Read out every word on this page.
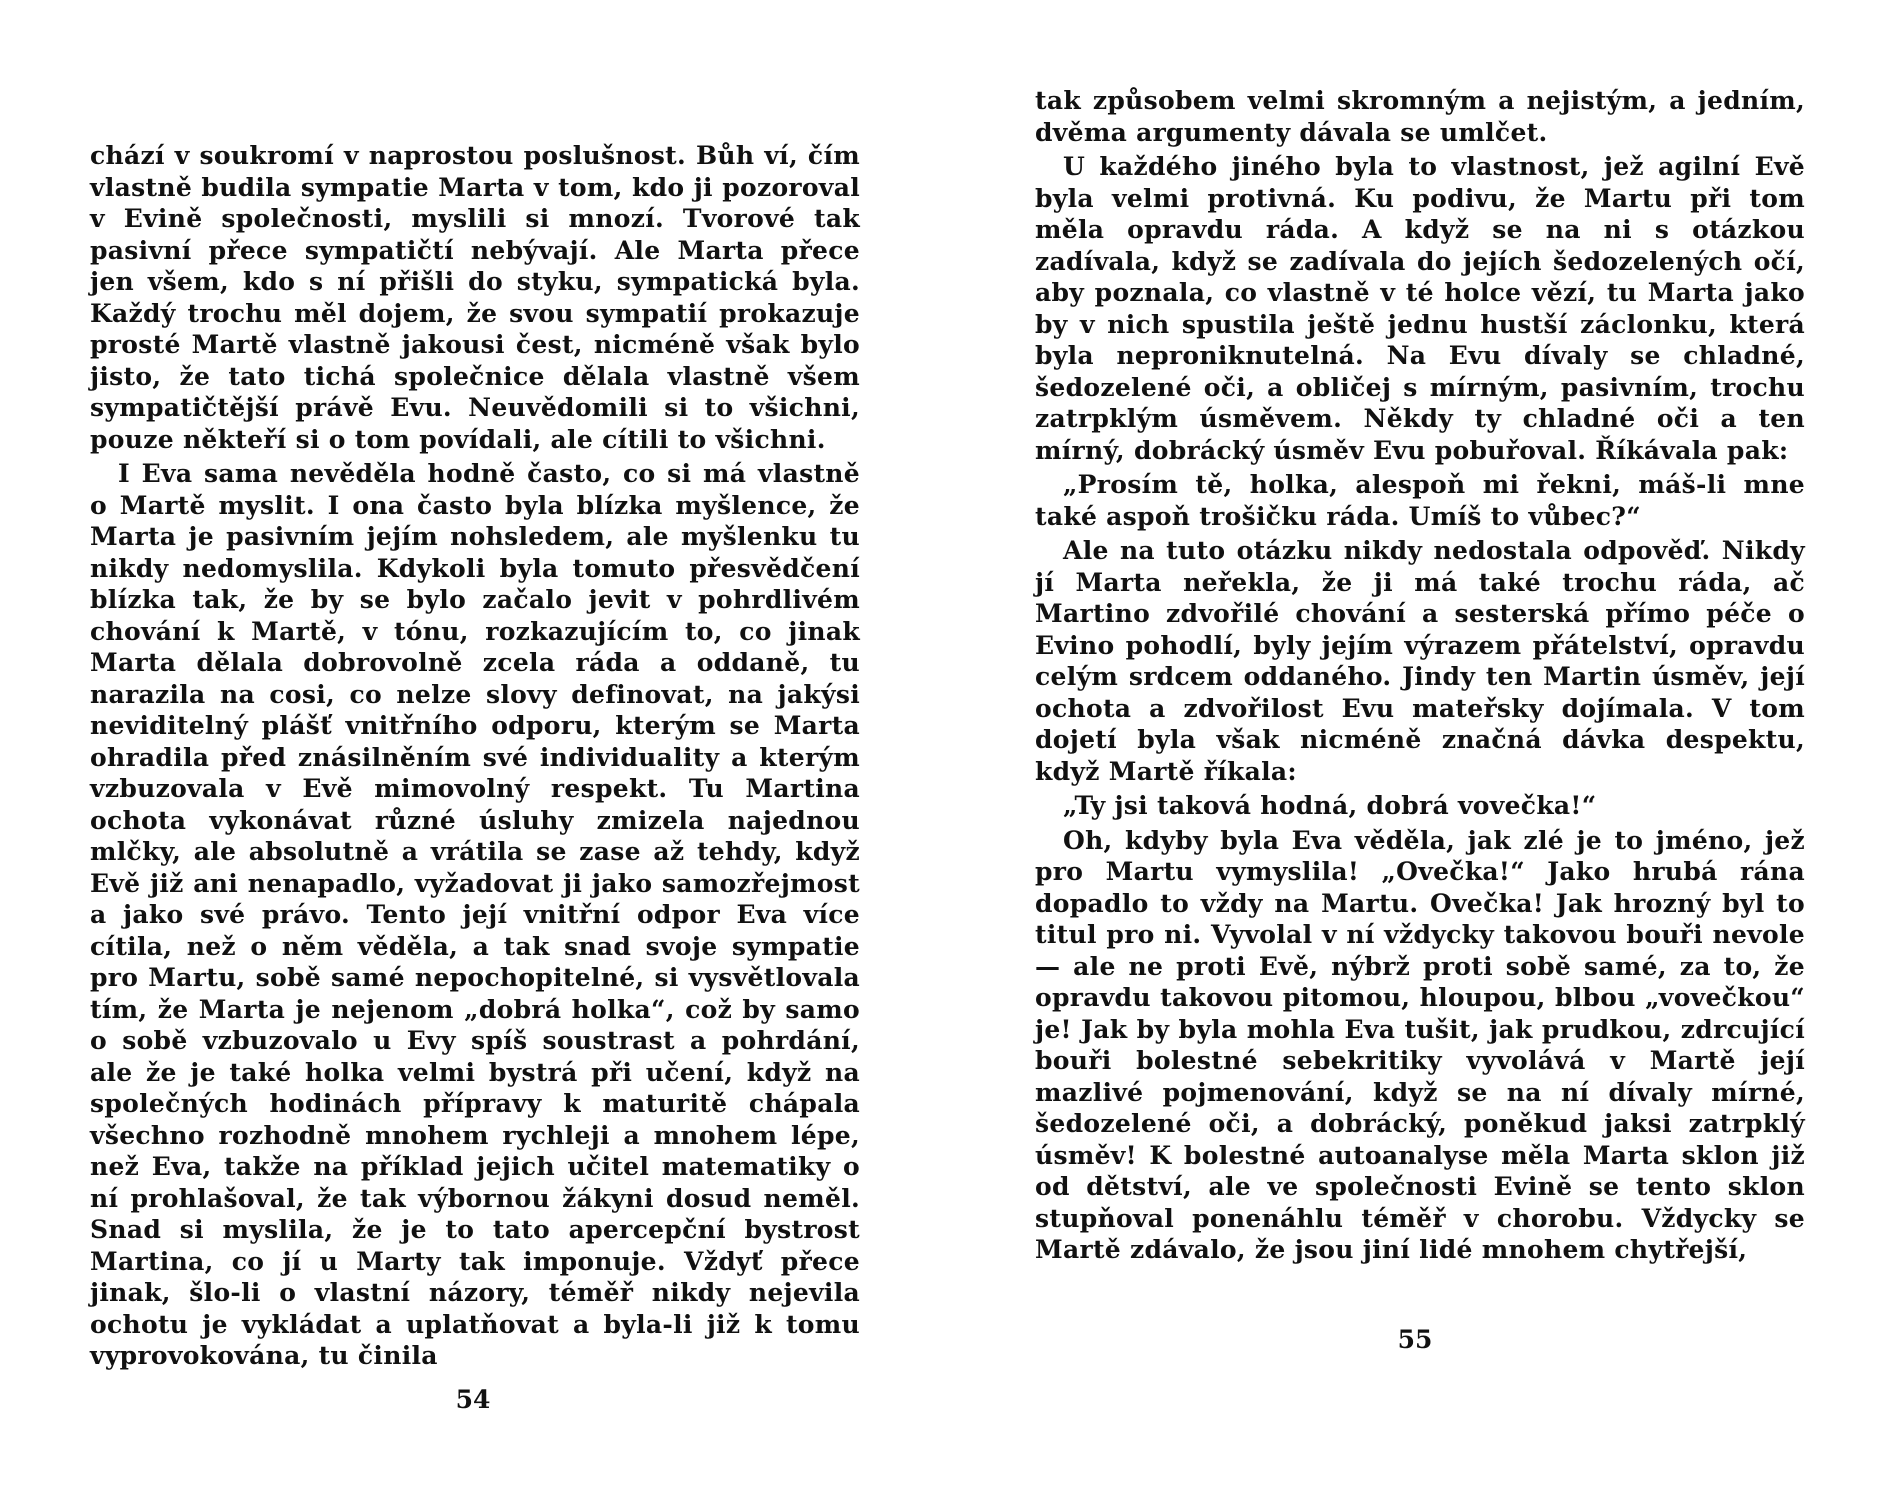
chází v soukromí v naprostou poslušnost. Bůh ví, čím vlastně budila sympatie Marta v tom, kdo ji pozoroval v Evině společnosti, myslili si mnozí. Tvorové tak pasivní přece sympatičtí nebývají. Ale Marta přece jen všem, kdo s ní přišli do styku, sympatická byla. Každý trochu měl dojem, že svou sympatií prokazuje prosté Martě vlastně jakousi čest, nicméně však bylo jisto, že tato tichá společnice dělala vlastně všem sympatičtější právě Evu. Neuvědomili si to všichni, pouze někteří si o tom povídali, ale cítili to všichni.

I Eva sama nevěděla hodně často, co si má vlastně o Martě myslit. I ona často byla blízka myšlence, že Marta je pasivním jejím nohsledem, ale myšlenku tu nikdy nedomyslila. Kdykoli byla tomuto přesvědčení blízka tak, že by se bylo začalo jevit v pohrdlivém chování k Martě, v tónu, rozkazujícím to, co jinak Marta dělala dobrovolně zcela ráda a oddaně, tu narazila na cosi, co nelze slovy definovat, na jakýsi neviditelný plášť vnitřního odporu, kterým se Marta ohradila před znásilněním své individuality a kterým vzbuzovala v Evě mimovolný respekt. Tu Martina ochota vykonávat různé úsluhy zmizela najednou mlčky, ale absolutně a vrátila se zase až tehdy, když Evě již ani nenapadlo, vyžadovat ji jako samozřejmost a jako své právo. Tento její vnitřní odpor Eva více cítila, než o něm věděla, a tak snad svoje sympatie pro Martu, sobě samé nepochopitelné, si vysvětlovala tím, že Marta je nejenom „dobrá holka“, což by samo o sobě vzbuzovalo u Evy spíš soustrast a pohrdání, ale že je také holka velmi bystrá při učení, když na společných hodinách přípravy k maturitě chápala všechno rozhodně mnohem rychleji a mnohem lépe, než Eva, takže na příklad jejich učitel matematiky o ní prohlašoval, že tak výbornou žákyni dosud neměl. Snad si myslila, že je to tato apercepční bystrost Martina, co jí u Marty tak imponuje. Vždyť přece jinak, šlo-li o vlastní názory, téměř nikdy nejevila ochotu je vykládat a uplatňovat a byla-li již k tomu vyprovokována, tu činila

54

tak způsobem velmi skromným a nejistým, a jedním, dvěma argumenty dávala se umlčet.

U každého jiného byla to vlastnost, jež agilní Evě byla velmi protivná. Ku podivu, že Martu při tom měla opravdu ráda. A když se na ni s otázkou zadívala, když se zadívala do jejích šedozelených očí, aby poznala, co vlastně v té holce vězí, tu Marta jako by v nich spustila ještě jednu hustší záclonku, která byla neproniknutelná. Na Evu dívaly se chladné, šedozelené oči, a obličej s mírným, pasivním, trochu zatrpklým úsměvem. Někdy ty chladné oči a ten mírný, dobrácký úsměv Evu pobuřoval. Říkávala pak:

„Prosím tě, holka, alespoň mi řekni, máš-li mne také aspoň trošičku ráda. Umíš to vůbec?“

Ale na tuto otázku nikdy nedostala odpověď. Nikdy jí Marta neřekla, že ji má také trochu ráda, ač Martino zdvořilé chování a sesterská přímo péče o Evino pohodlí, byly jejím výrazem přátelství, opravdu celým srdcem oddaného. Jindy ten Martin úsměv, její ochota a zdvořilost Evu mateřsky dojímala. V tom dojetí byla však nicméně značná dávka despektu, když Martě říkala:

„Ty jsi taková hodná, dobrá vovečka!“

Oh, kdyby byla Eva věděla, jak zlé je to jméno, jež pro Martu vymyslila! „Ovečka!“ Jako hrubá rána dopadlo to vždy na Martu. Ovečka! Jak hrozný byl to titul pro ni. Vyvolal v ní vždycky takovou bouři nevole — ale ne proti Evě, nýbrž proti sobě samé, za to, že opravdu takovou pitomou, hloupou, blbou „vovečkou“ je! Jak by byla mohla Eva tušit, jak prudkou, zdrcující bouři bolestné sebekritiky vyvolává v Martě její mazlivé pojmenování, když se na ní dívaly mírné, šedozelené oči, a dobrácký, poněkud jaksi zatrpklý úsměv! K bolestné autoanalyse měla Marta sklon již od dětství, ale ve společnosti Evině se tento sklon stupňoval ponenáhlu téměř v chorobu. Vždycky se Martě zdávalo, že jsou jiní lidé mnohem chytřejší,

55
